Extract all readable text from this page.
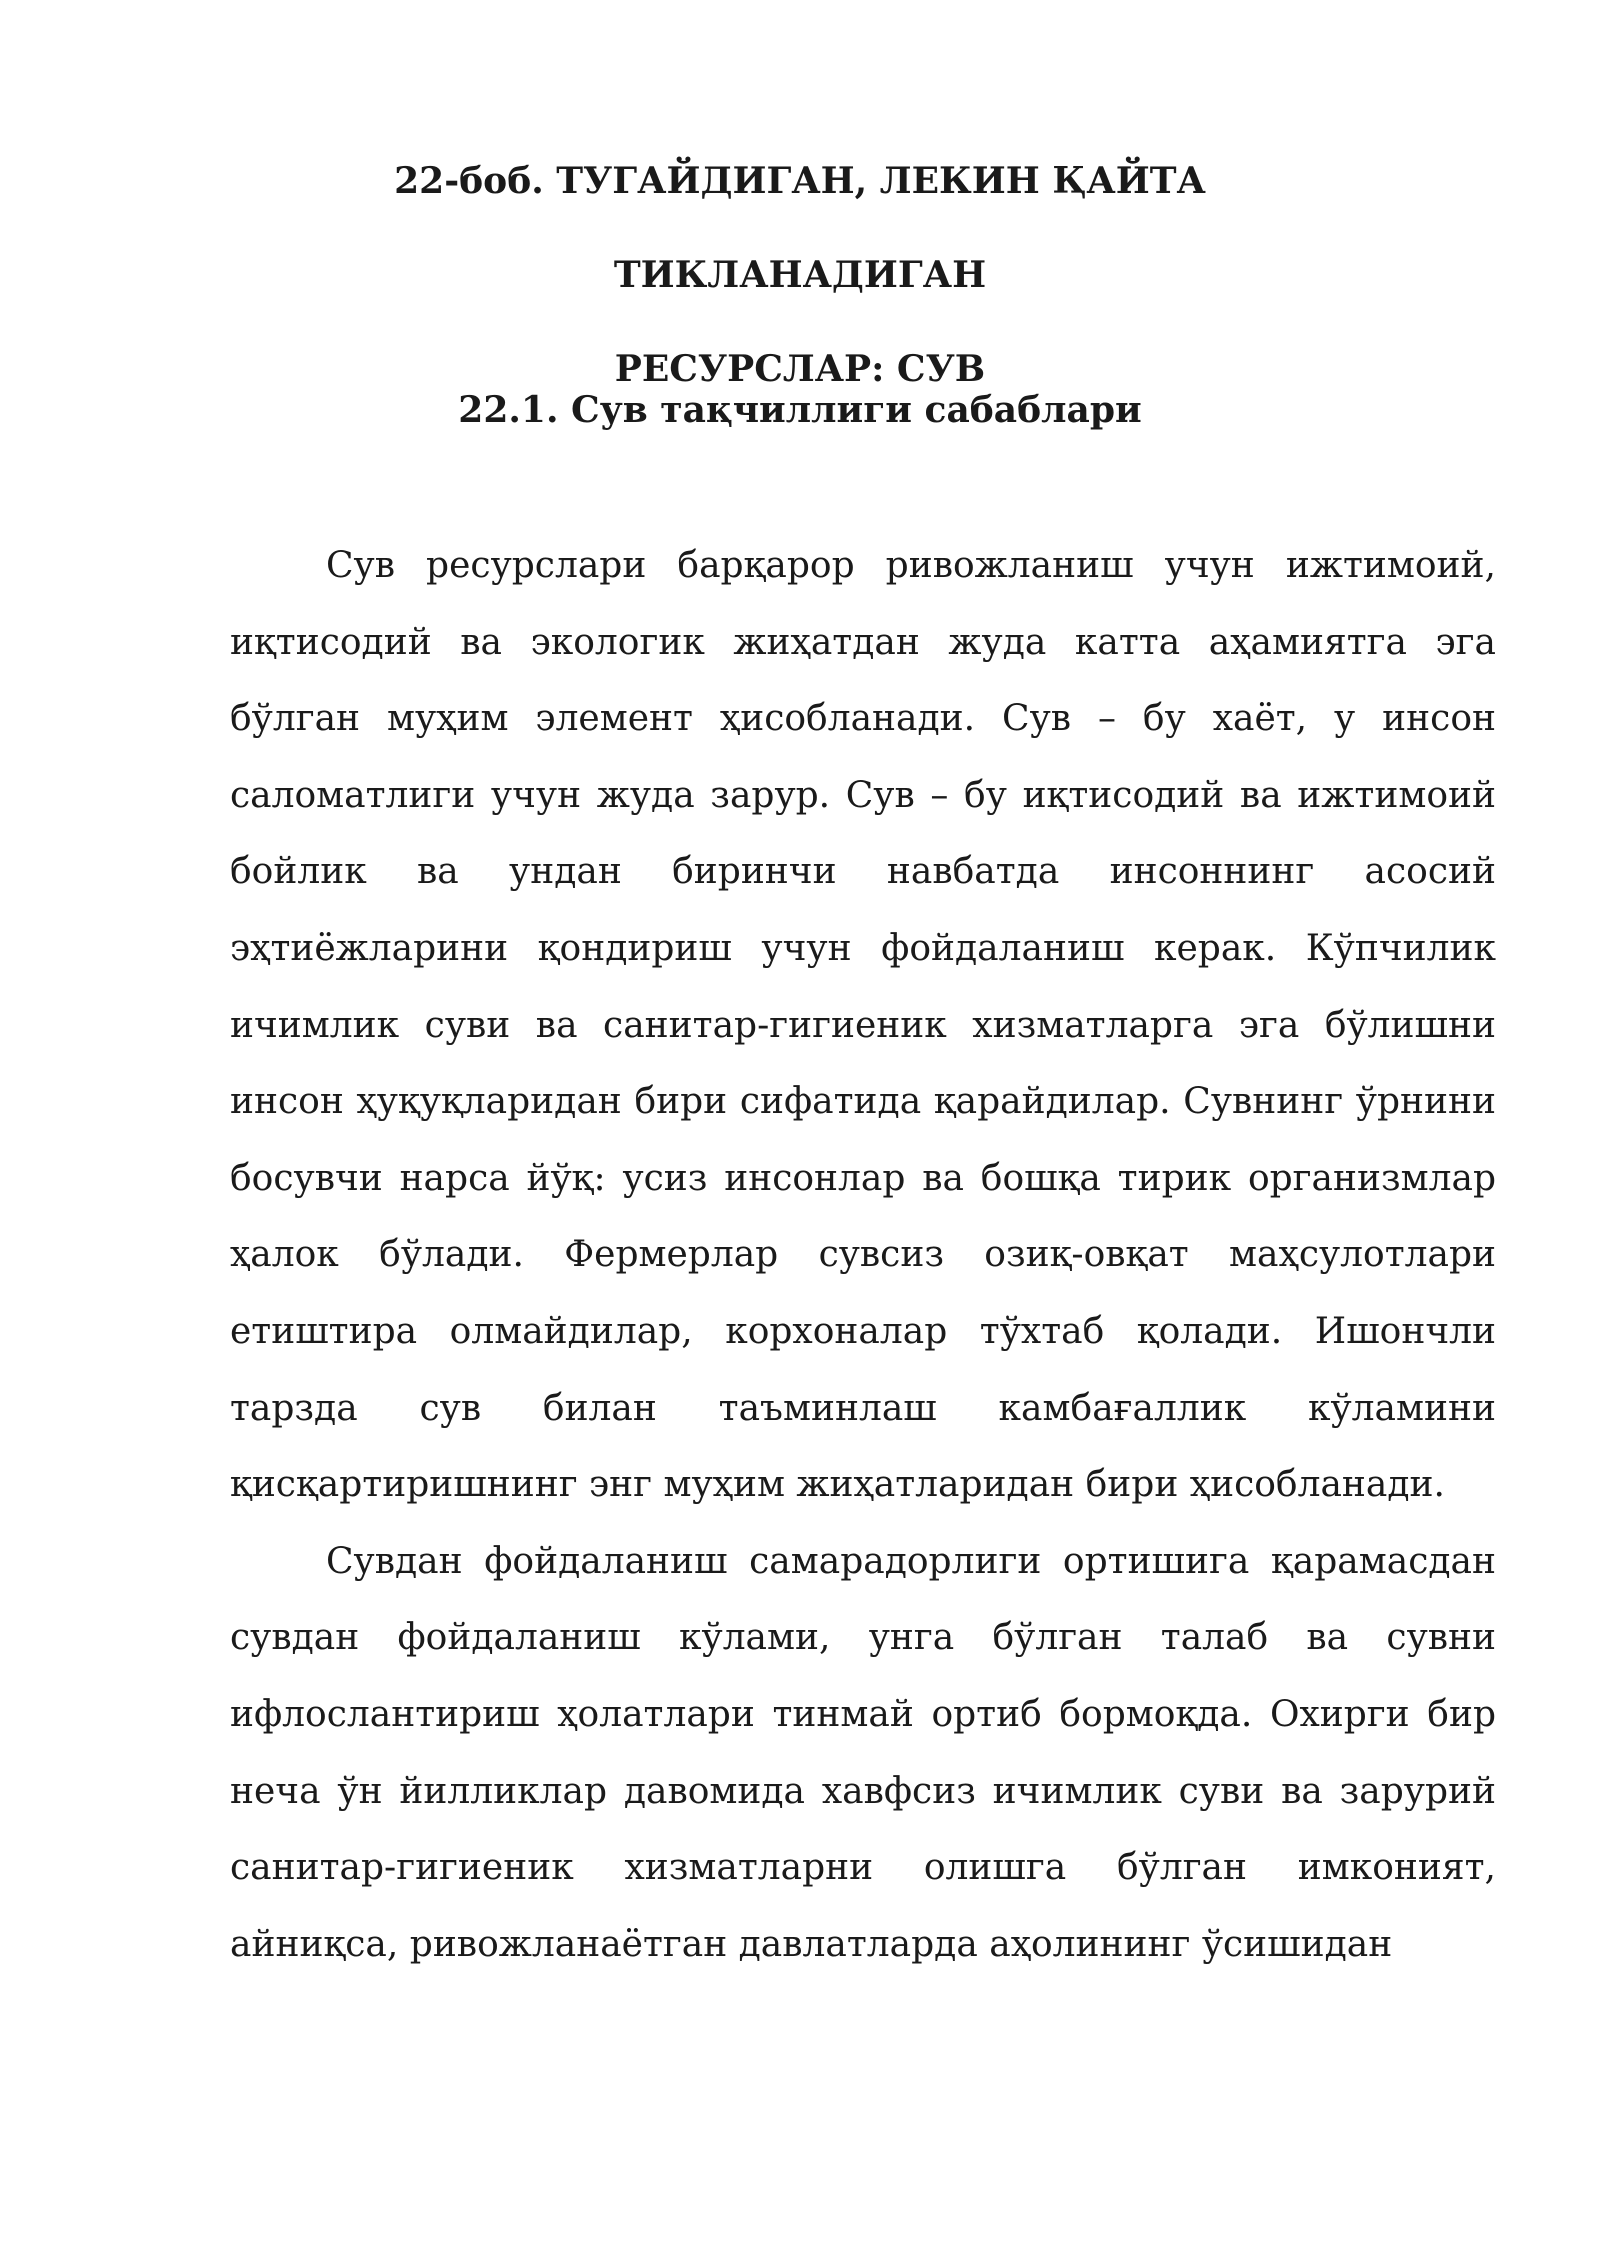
22-боб. ТУГАЙДИГАН, ЛЕКИН ҚАЙТА ТИКЛАНАДИГАН
РЕСУРСЛАР: СУВ
22.1. Сув тақчиллиги сабаблари

Сув ресурслари барқарор ривожланиш учун ижтимоий, иқтисодий ва экологик жиҳатдан жуда катта аҳамиятга эга бўлган муҳим элемент ҳисобланади. Сув – бу хаёт, у инсон саломатлиги учун жуда зарур. Сув – бу иқтисодий ва ижтимоий бойлик ва ундан биринчи навбатда инсоннинг асосий эҳтиёжларини қондириш учун фойдаланиш керак. Кўпчилик ичимлик суви ва санитар-гигиеник хизматларга эга бўлишни инсон ҳуқуқларидан бири сифатида қарайдилар. Сувнинг ўрнини босувчи нарса йўқ: усиз инсонлар ва бошқа тирик организмлар ҳалок бўлади. Фермерлар сувсиз озиқ-овқат маҳсулотлари етиштира олмайдилар, корхоналар тўхтаб қолади. Ишончли тарзда сув билан таъминлаш камбағаллик кўламини қисқартиришнинг энг муҳим жиҳатларидан бири ҳисобланади.

Сувдан фойдаланиш самарадорлиги ортишига қарамасдан сувдан фойдаланиш кўлами, унга бўлган талаб ва сувни ифлослантириш ҳолатлари тинмай ортиб бормоқда. Охирги бир неча ўн йилликлар давомида хавфсиз ичимлик суви ва зарурий санитар-гигиеник хизматларни олишга бўлган имконият, айниқса, ривожланаётган давлатларда аҳолининг ўсишидан
